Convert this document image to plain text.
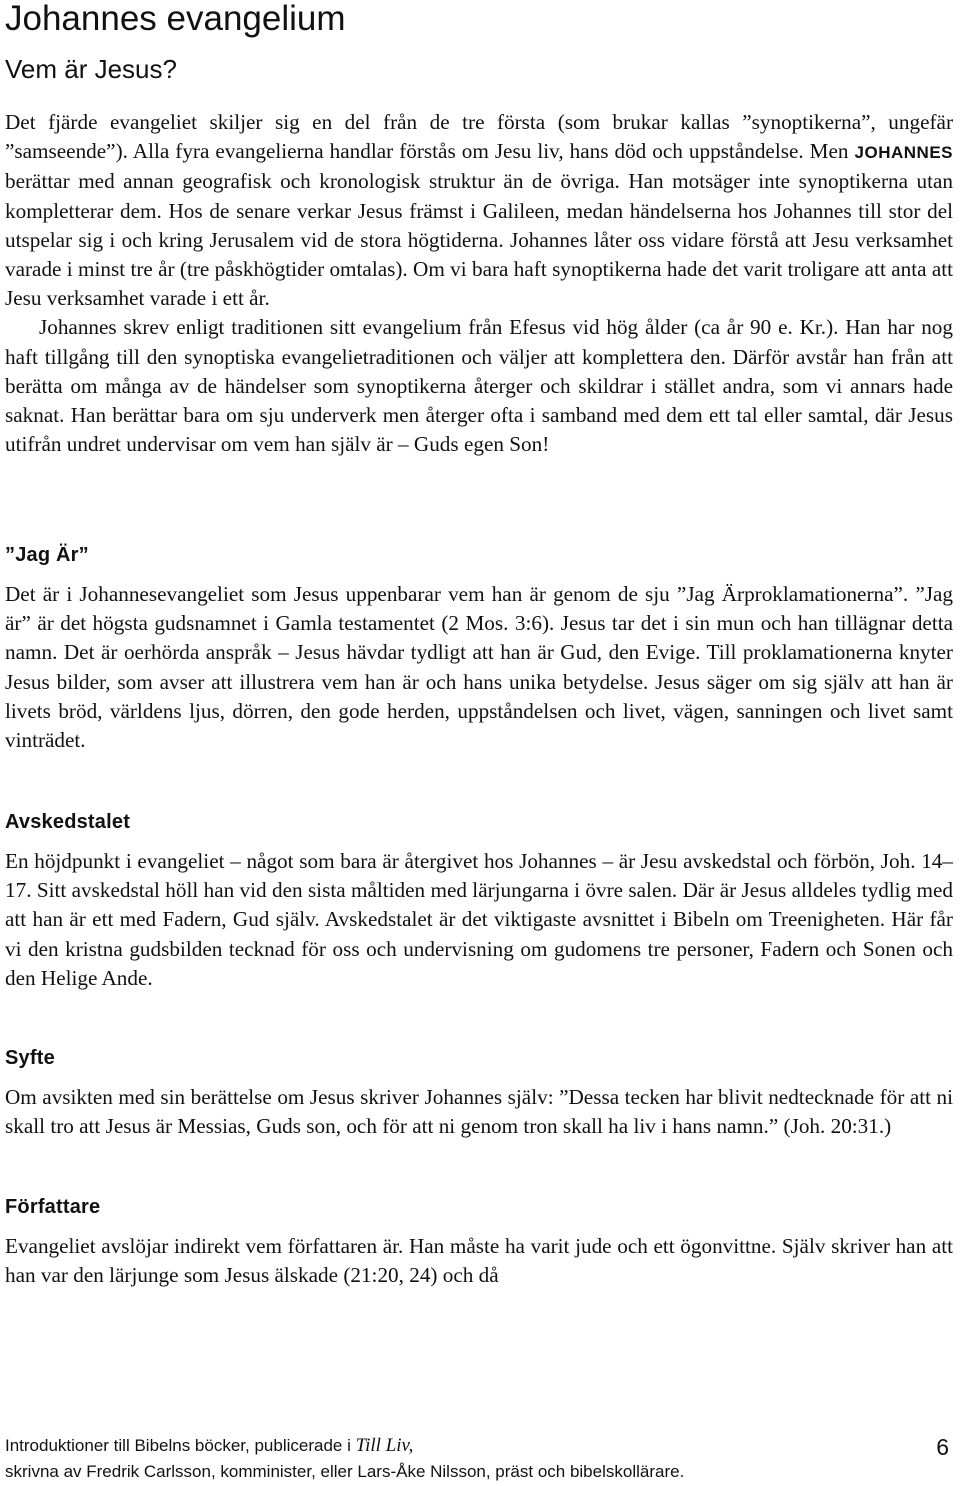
Johannes evangelium
Vem är Jesus?

Det fjärde evangeliet skiljer sig en del från de tre första (som brukar kallas ”synoptikerna”, ungefär ”samseende”). Alla fyra evangelierna handlar förstås om Jesu liv, hans död och uppståndelse. Men JOHANNES berättar med annan geografisk och kronologisk struktur än de övriga. Han motsäger inte synoptikerna utan kompletterar dem. Hos de senare verkar Jesus främst i Galileen, medan händelserna hos Johannes till stor del utspelar sig i och kring Jerusalem vid de stora högtiderna. Johannes låter oss vidare förstå att Jesu verksamhet varade i minst tre år (tre påskhögtider omtalas). Om vi bara haft synoptikerna hade det varit troligare att anta att Jesu verksamhet varade i ett år.

Johannes skrev enligt traditionen sitt evangelium från Efesus vid hög ålder (ca år 90 e. Kr.). Han har nog haft tillgång till den synoptiska evangelietraditionen och väljer att komplettera den. Därför avstår han från att berätta om många av de händelser som synoptikerna återger och skildrar i stället andra, som vi annars hade saknat. Han berättar bara om sju underverk men återger ofta i samband med dem ett tal eller samtal, där Jesus utifrån undret undervisar om vem han själv är – Guds egen Son!

”Jag Är”

Det är i Johannesevangeliet som Jesus uppenbarar vem han är genom de sju ”Jag Ärproklamationerna”. ”Jag är” är det högsta gudsnamnet i Gamla testamentet (2 Mos. 3:6). Jesus tar det i sin mun och han tillägnar detta namn. Det är oerhörda anspråk – Jesus hävdar tydligt att han är Gud, den Evige. Till proklamationerna knyter Jesus bilder, som avser att illustrera vem han är och hans unika betydelse. Jesus säger om sig själv att han är livets bröd, världens ljus, dörren, den gode herden, uppståndelsen och livet, vägen, sanningen och livet samt vinträdet.

Avskedstalet

En höjdpunkt i evangeliet – något som bara är återgivet hos Johannes – är Jesu avskedstal och förbön, Joh. 14–17. Sitt avskedstal höll han vid den sista måltiden med lärjungarna i övre salen. Där är Jesus alldeles tydlig med att han är ett med Fadern, Gud själv. Avskedstalet är det viktigaste avsnittet i Bibeln om Treenigheten. Här får vi den kristna gudsbilden tecknad för oss och undervisning om gudomens tre personer, Fadern och Sonen och den Helige Ande.

Syfte

Om avsikten med sin berättelse om Jesus skriver Johannes själv: ”Dessa tecken har blivit nedtecknade för att ni skall tro att Jesus är Messias, Guds son, och för att ni genom tron skall ha liv i hans namn.” (Joh. 20:31.)

Författare

Evangeliet avslöjar indirekt vem författaren är. Han måste ha varit jude och ett ögonvittne. Själv skriver han att han var den lärjunge som Jesus älskade (21:20, 24) och då

Introduktioner till Bibelns böcker, publicerade i Till Liv,
skrivna av Fredrik Carlsson, komminister, eller Lars-Åke Nilsson, präst och bibelskollärare.
6
